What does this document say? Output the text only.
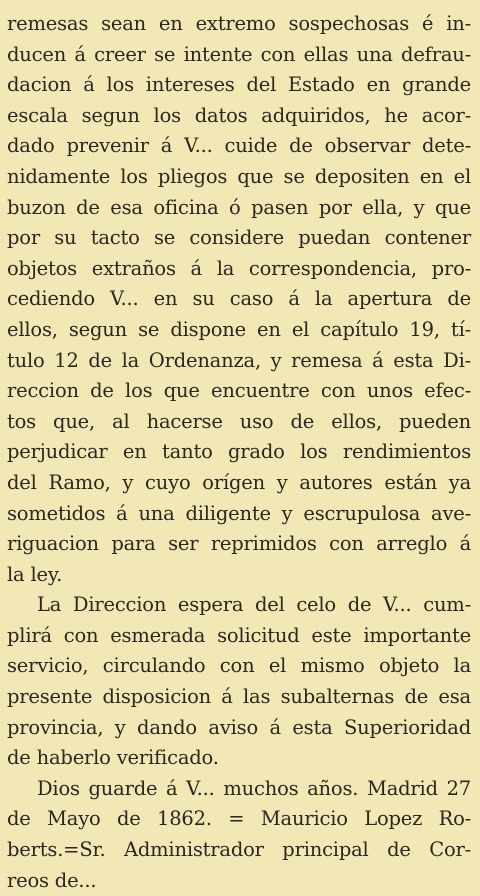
remesas sean en extremo sospechosas é in-
ducen á creer se intente con ellas una defrau-
dacion á los intereses del Estado en grande
escala segun los datos adquiridos, he acor-
dado prevenir á V... cuide de observar dete-
nidamente los pliegos que se depositen en el
buzon de esa oficina ó pasen por ella, y que
por su tacto se considere puedan contener
objetos extraños á la correspondencia, pro-
cediendo V... en su caso á la apertura de
ellos, segun se dispone en el capítulo 19, tí-
tulo 12 de la Ordenanza, y remesa á esta Di-
reccion de los que encuentre con unos efec-
tos que, al hacerse uso de ellos, pueden
perjudicar en tanto grado los rendimientos
del Ramo, y cuyo orígen y autores están ya
sometidos á una diligente y escrupulosa ave-
riguacion para ser reprimidos con arreglo á
la ley.
La Direccion espera del celo de V... cum-
plirá con esmerada solicitud este importante
servicio, circulando con el mismo objeto la
presente disposicion á las subalternas de esa
provincia, y dando aviso á esta Superioridad
de haberlo verificado.
Dios guarde á V... muchos años. Madrid 27
de Mayo de 1862. = Mauricio Lopez Ro-
berts.=Sr. Administrador principal de Cor-
reos de...
